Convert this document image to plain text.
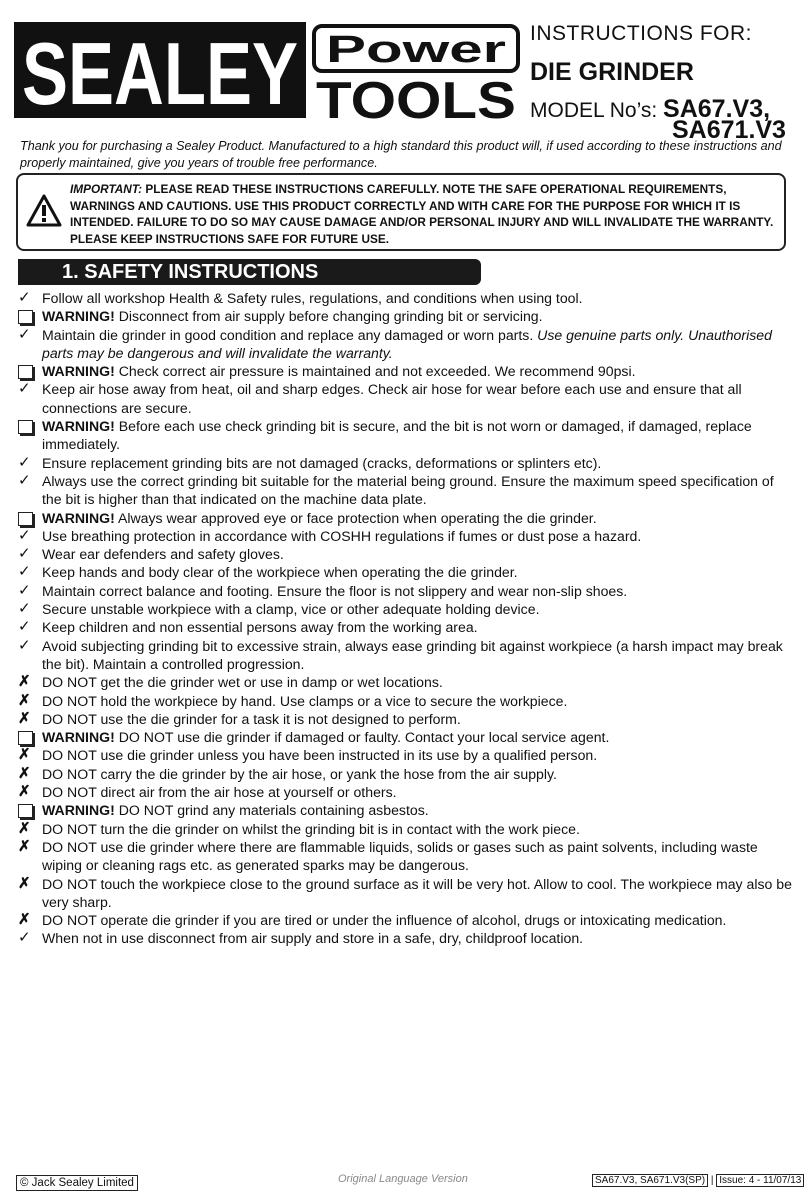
SEALEY Power
TOOLS
INSTRUCTIONS FOR:
DIE GRINDER
MODEL No’s: SA67.V3,
SA671.V3
Thank you for purchasing a Sealey Product. Manufactured to a high standard this product will, if used according to these instructions and properly maintained, give you years of trouble free performance.
IMPORTANT: PLEASE READ THESE INSTRUCTIONS CAREFULLY. NOTE THE SAFE OPERATIONAL REQUIREMENTS, WARNINGS AND CAUTIONS. USE THIS PRODUCT CORRECTLY AND WITH CARE FOR THE PURPOSE FOR WHICH IT IS INTENDED. FAILURE TO DO SO MAY CAUSE DAMAGE AND/OR PERSONAL INJURY AND WILL INVALIDATE THE WARRANTY. PLEASE KEEP INSTRUCTIONS SAFE FOR FUTURE USE.
1. SAFETY INSTRUCTIONS
✓ Follow all workshop Health & Safety rules, regulations, and conditions when using tool.
WARNING! Disconnect from air supply before changing grinding bit or servicing.
✓ Maintain die grinder in good condition and replace any damaged or worn parts. Use genuine parts only. Unauthorised parts may be dangerous and will invalidate the warranty.
WARNING! Check correct air pressure is maintained and not exceeded. We recommend 90psi.
✓ Keep air hose away from heat, oil and sharp edges. Check air hose for wear before each use and ensure that all connections are secure.
WARNING! Before each use check grinding bit is secure, and the bit is not worn or damaged, if damaged, replace immediately.
✓ Ensure replacement grinding bits are not damaged (cracks, deformations or splinters etc).
✓ Always use the correct grinding bit suitable for the material being ground. Ensure the maximum speed specification of the bit is higher than that indicated on the machine data plate.
WARNING! Always wear approved eye or face protection when operating the die grinder.
✓ Use breathing protection in accordance with COSHH regulations if fumes or dust pose a hazard.
✓ Wear ear defenders and safety gloves.
✓ Keep hands and body clear of the workpiece when operating the die grinder.
✓ Maintain correct balance and footing. Ensure the floor is not slippery and wear non-slip shoes.
✓ Secure unstable workpiece with a clamp, vice or other adequate holding device.
✓ Keep children and non essential persons away from the working area.
✓ Avoid subjecting grinding bit to excessive strain, always ease grinding bit against workpiece (a harsh impact may break the bit). Maintain a controlled progression.
✗ DO NOT get the die grinder wet or use in damp or wet locations.
✗ DO NOT hold the workpiece by hand. Use clamps or a vice to secure the workpiece.
✗ DO NOT use the die grinder for a task it is not designed to perform.
WARNING! DO NOT use die grinder if damaged or faulty. Contact your local service agent.
✗ DO NOT use die grinder unless you have been instructed in its use by a qualified person.
✗ DO NOT carry the die grinder by the air hose, or yank the hose from the air supply.
✗ DO NOT direct air from the air hose at yourself or others.
WARNING! DO NOT grind any materials containing asbestos.
✗ DO NOT turn the die grinder on whilst the grinding bit is in contact with the work piece.
✗ DO NOT use die grinder where there are flammable liquids, solids or gases such as paint solvents, including waste wiping or cleaning rags etc. as generated sparks may be dangerous.
✗ DO NOT touch the workpiece close to the ground surface as it will be very hot. Allow to cool. The workpiece may also be very sharp.
✗ DO NOT operate die grinder if you are tired or under the influence of alcohol, drugs or intoxicating medication.
✓ When not in use disconnect from air supply and store in a safe, dry, childproof location.
© Jack Sealey Limited	Original Language Version	SA67.V3, SA671.V3(SP) | Issue: 4 - 11/07/13
